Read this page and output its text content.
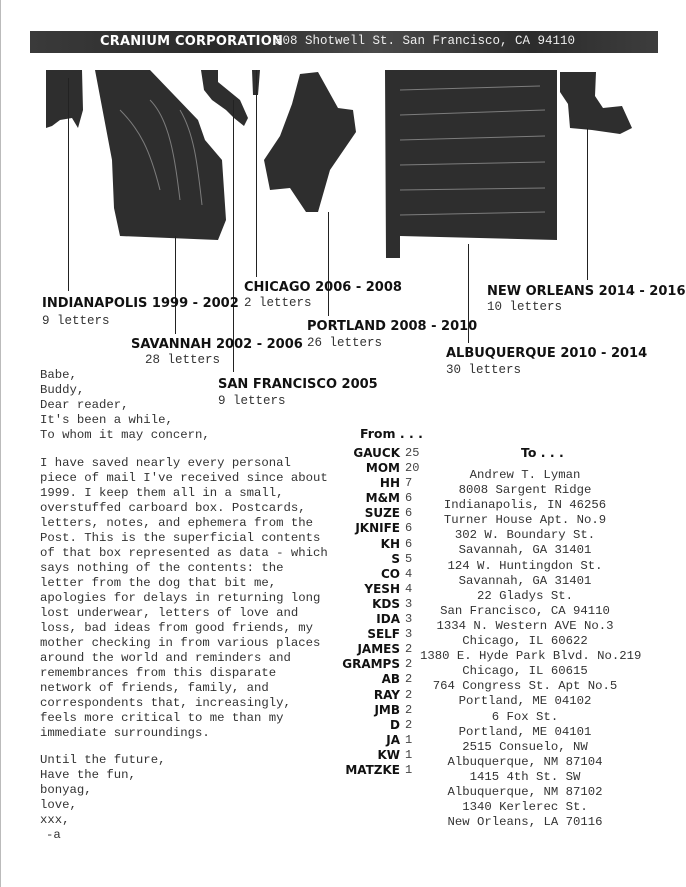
CRANIUM CORPORATION
308 Shotwell St. San Francisco, CA 94110
INDIANAPOLIS 1999 - 2002
9 letters
SAVANNAH 2002 - 2006
28 letters
SAN FRANCISCO 2005
9 letters
CHICAGO 2006 - 2008
2 letters
PORTLAND 2008 - 2010
26 letters
ALBUQUERQUE 2010 - 2014
30 letters
NEW ORLEANS 2014 - 2016
10 letters
Babe,
Buddy,
Dear reader,
It's been a while,
To whom it may concern,
I have saved nearly every personal
piece of mail I've received since about
1999. I keep them all in a small,
overstuffed carboard box. Postcards,
letters, notes, and ephemera from the
Post. This is the superficial contents
of that box represented as data - which
says nothing of the contents: the
letter from the dog that bit me,
apologies for delays in returning long
lost underwear, letters of love and
loss, bad ideas from good friends, my
mother checking in from various places
around the world and reminders and
remembrances from this disparate
network of friends, family, and
correspondents that, increasingly,
feels more critical to me than my
immediate surroundings.
Until the future,
Have the fun,
bonyag,
love,
xxx,
-a
From . . .
GAUCK 25
MOM 20
HH 7
M&M 6
SUZE 6
JKNIFE 6
KH 6
S 5
CO 4
YESH 4
KDS 3
IDA 3
SELF 3
JAMES 2
GRAMPS 2
AB 2
RAY 2
JMB 2
D 2
JA 1
KW 1
MATZKE 1
To . . .
Andrew T. Lyman
8008 Sargent Ridge
Indianapolis, IN 46256
Turner House Apt. No.9
302 W. Boundary St.
Savannah, GA 31401
124 W. Huntingdon St.
Savannah, GA 31401
22 Gladys St.
San Francisco, CA 94110
1334 N. Western AVE No.3
Chicago, IL 60622
1380 E. Hyde Park Blvd. No.219
Chicago, IL 60615
764 Congress St. Apt No.5
Portland, ME 04102
6 Fox St.
Portland, ME 04101
2515 Consuelo, NW
Albuquerque, NM 87104
1415 4th St. SW
Albuquerque, NM 87102
1340 Kerlerec St.
New Orleans, LA 70116
